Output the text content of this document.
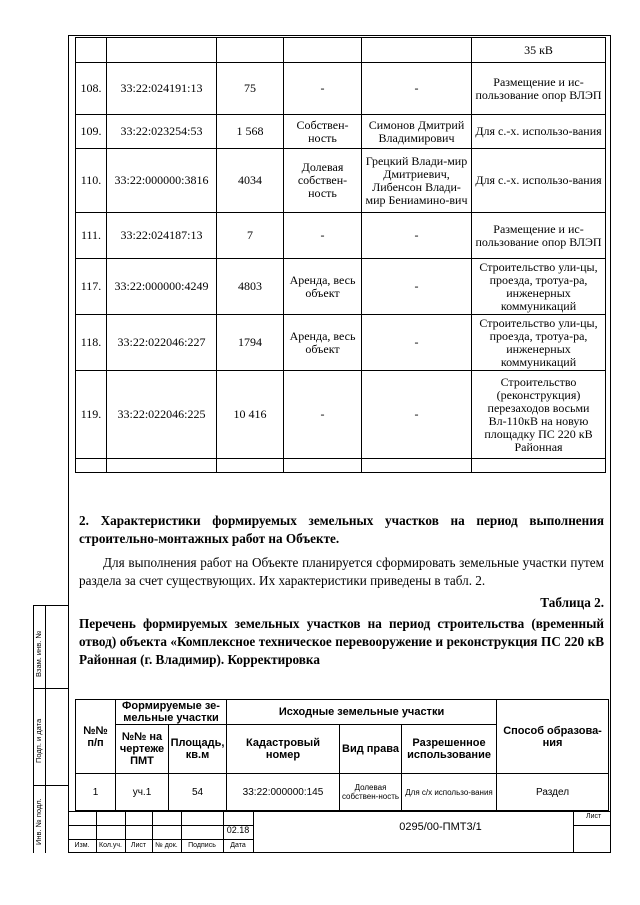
					35 кВ
108.	33:22:024191:13	75	-	-	Размещение и ис-пользование опор ВЛЭП
109.	33:22:023254:53	1 568	Собствен-ность	Симонов Дмитрий Владимирович	Для с.-х. использо-вания
110.	33:22:000000:3816	4034	Долевая собствен-ность	Грецкий Влади-мир Дмитриевич, Либенсон Влади-мир Бениамино-вич	Для с.-х. использо-вания
111.	33:22:024187:13	7	-	-	Размещение и ис-пользование опор ВЛЭП
117.	33:22:000000:4249	4803	Аренда, весь объект	-	Строительство ули-цы, проезда, тротуа-ра, инженерных коммуникаций
118.	33:22:022046:227	1794	Аренда, весь объект	-	Строительство ули-цы, проезда, тротуа-ра, инженерных коммуникаций
119.	33:22:022046:225	10 416	-	-	Строительство (реконструкция) перезаходов восьми Вл-110кВ на новую площадку ПС 220 кВ Районная

2. Характеристики формируемых земельных участков на период выполнения строительно-монтажных работ на Объекте.
Для выполнения работ на Объекте планируется сформировать земельные участки путем раздела за счет существующих. Их характеристики приведены в табл. 2.
Таблица 2.
Перечень формируемых земельных участков на период строительства (временный отвод) объекта «Комплексное техническое перевооружение и реконструкция ПС 220 кВ Районная (г. Владимир). Корректировка
№№ п/п	Формируемые зе-мельные участки		Исходные земельные участки			Способ образова-ния
	№№ на чертеже ПМТ	Площадь, кв.м	Кадастровый номер	Вид права	Разрешенное использование	
1	уч.1	54	33:22:000000:145	Долевая собствен-ность	Для с/х использо-вания	Раздел
Взам. инв. №
Подп. и дата
Инв. № подл.	02.18	0295/00-ПМТ3/1
Лист
Изм.	Кол.уч.	Лист	№ док.	Подпись	Дата
